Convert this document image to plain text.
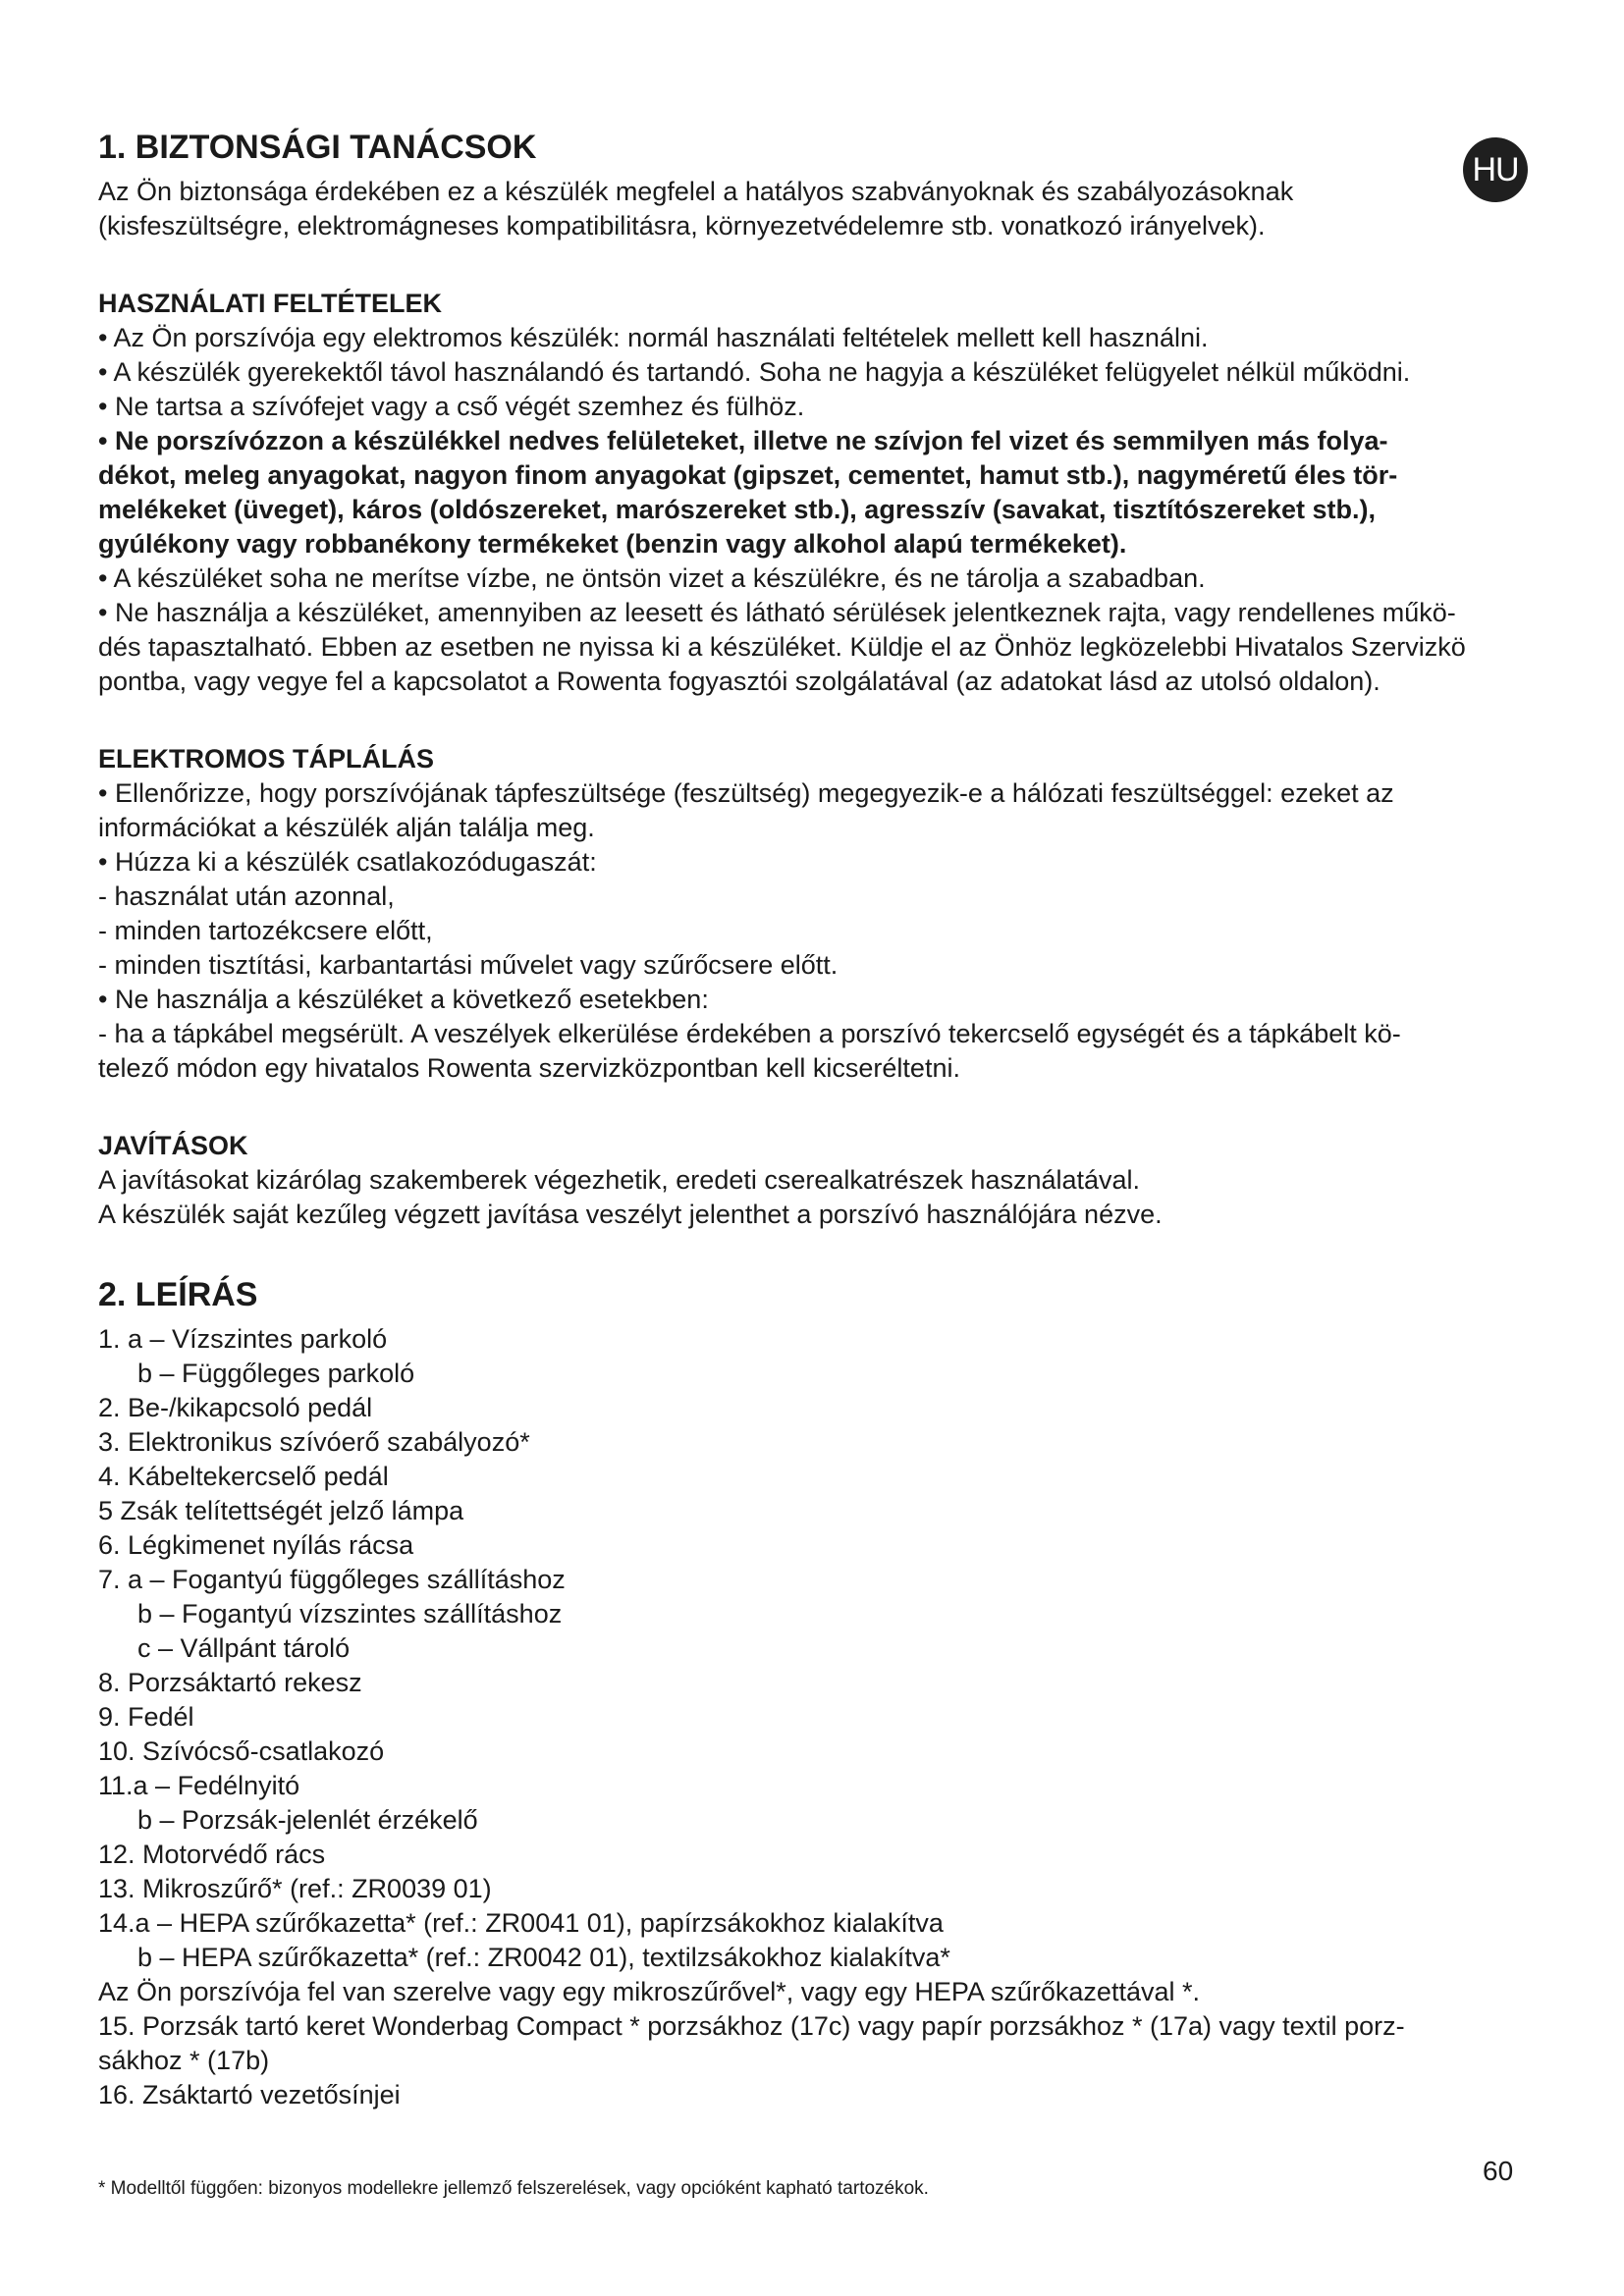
HU
1. BIZTONSÁGI TANÁCSOK

Az Ön biztonsága érdekében ez a készülék megfelel a hatályos szabványoknak és szabályozásoknak

(kisfeszültségre, elektromágneses kompatibilitásra, környezetvédelemre stb. vonatkozó irányelvek).

HASZNÁLATI FELTÉTELEK

• Az Ön porszívója egy elektromos készülék: normál használati feltételek mellett kell használni.

• A készülék gyerekektől távol használandó és tartandó. Soha ne hagyja a készüléket felügyelet nélkül működni.

• Ne tartsa a szívófejet vagy a cső végét szemhez és fülhöz.

• Ne porszívózzon a készülékkel nedves felületeket, illetve ne szívjon fel vizet és semmilyen más folya-

dékot, meleg anyagokat, nagyon finom anyagokat (gipszet, cementet, hamut stb.), nagyméretű éles tör-

melékeket (üveget), káros (oldószereket, marószereket stb.), agresszív (savakat, tisztítószereket stb.),

gyúlékony vagy robbanékony termékeket (benzin vagy alkohol alapú termékeket).

• A készüléket soha ne merítse vízbe, ne öntsön vizet a készülékre, és ne tárolja a szabadban.

• Ne használja a készüléket, amennyiben az leesett és látható sérülések jelentkeznek rajta, vagy rendellenes műkö-

dés tapasztalható. Ebben az esetben ne nyissa ki a készüléket. Küldje el az Önhöz legközelebbi Hivatalos Szervizkö

pontba, vagy vegye fel a kapcsolatot a Rowenta fogyasztói szolgálatával (az adatokat lásd az utolsó oldalon).

ELEKTROMOS TÁPLÁLÁS

• Ellenőrizze, hogy porszívójának tápfeszültsége (feszültség) megegyezik-e a hálózati feszültséggel: ezeket az

információkat a készülék alján találja meg.

• Húzza ki a készülék csatlakozódugaszát:

- használat után azonnal,

- minden tartozékcsere előtt,

- minden tisztítási, karbantartási művelet vagy szűrőcsere előtt.

• Ne használja a készüléket a következő esetekben:

- ha a tápkábel megsérült. A veszélyek elkerülése érdekében a porszívó tekercselő egységét és a tápkábelt kö-

telező módon egy hivatalos Rowenta szervizközpontban kell kicseréltetni.

JAVÍTÁSOK

A javításokat kizárólag szakemberek végezhetik, eredeti cserealkatrészek használatával.

A készülék saját kezűleg végzett javítása veszélyt jelenthet a porszívó használójára nézve.

2. LEÍRÁS

1. a – Vízszintes parkoló

b – Függőleges parkoló

2. Be-/kikapcsoló pedál

3. Elektronikus szívóerő szabályozó*

4. Kábeltekercselő pedál

5 Zsák telítettségét jelző lámpa

6. Légkimenet nyílás rácsa

7. a – Fogantyú függőleges szállításhoz

b – Fogantyú vízszintes szállításhoz

c – Vállpánt tároló

8. Porzsáktartó rekesz

9. Fedél

10. Szívócső-csatlakozó

11.a – Fedélnyitó

b – Porzsák-jelenlét érzékelő

12. Motorvédő rács

13. Mikroszűrő* (ref.: ZR0039 01)

14.a – HEPA szűrőkazetta* (ref.: ZR0041 01), papírzsákokhoz kialakítva

b – HEPA szűrőkazetta* (ref.: ZR0042 01), textilzsákokhoz kialakítva*

Az Ön porszívója fel van szerelve vagy egy mikroszűrővel*, vagy egy HEPA szűrőkazettával *.

15. Porzsák tartó keret Wonderbag Compact * porzsákhoz (17c) vagy papír porzsákhoz * (17a) vagy textil porz-

sákhoz * (17b)

16. Zsáktartó vezetősínjei

* Modelltől függően: bizonyos modellekre jellemző felszerelések, vagy opcióként kapható tartozékok.
60
